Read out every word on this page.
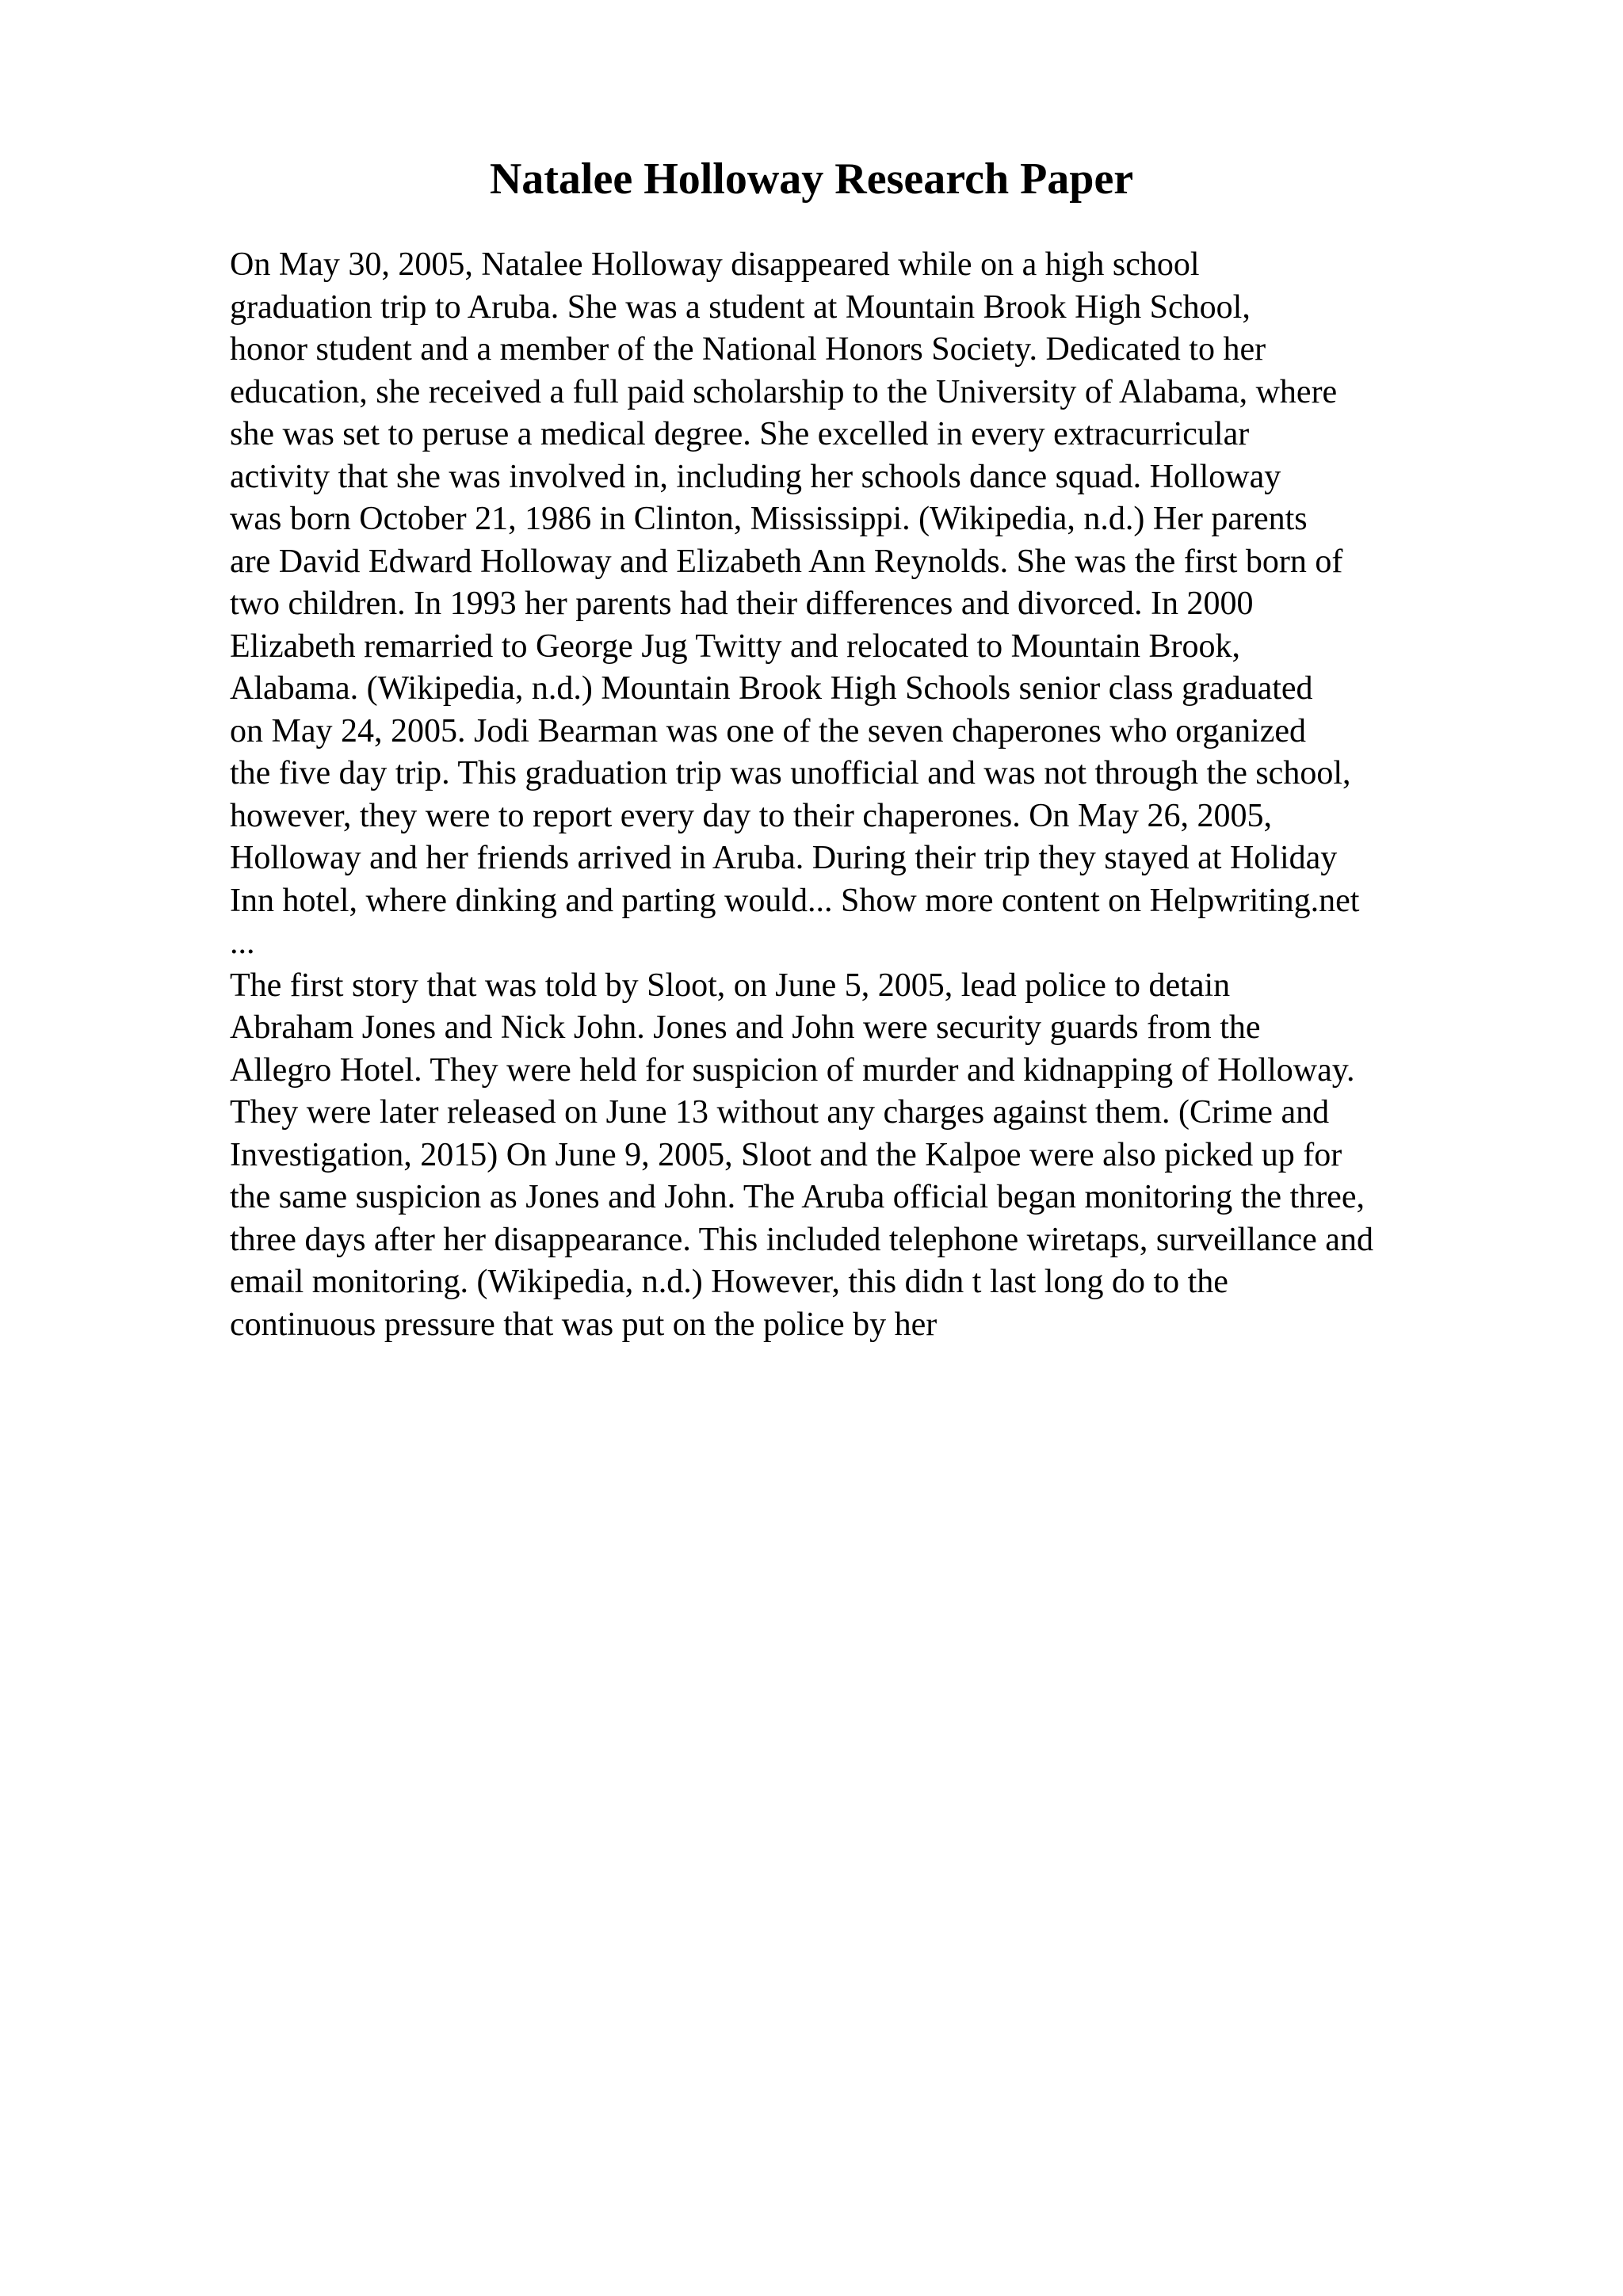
Natalee Holloway Research Paper
On May 30, 2005, Natalee Holloway disappeared while on a high school
graduation trip to Aruba. She was a student at Mountain Brook High School,
honor student and a member of the National Honors Society. Dedicated to her
education, she received a full paid scholarship to the University of Alabama, where
she was set to peruse a medical degree. She excelled in every extracurricular
activity that she was involved in, including her schools dance squad. Holloway
was born October 21, 1986 in Clinton, Mississippi. (Wikipedia, n.d.) Her parents
are David Edward Holloway and Elizabeth Ann Reynolds. She was the first born of
two children. In 1993 her parents had their differences and divorced. In 2000
Elizabeth remarried to George Jug Twitty and relocated to Mountain Brook,
Alabama. (Wikipedia, n.d.) Mountain Brook High Schools senior class graduated
on May 24, 2005. Jodi Bearman was one of the seven chaperones who organized
the five day trip. This graduation trip was unofficial and was not through the school,
however, they were to report every day to their chaperones. On May 26, 2005,
Holloway and her friends arrived in Aruba. During their trip they stayed at Holiday
Inn hotel, where dinking and parting would... Show more content on Helpwriting.net
...
The first story that was told by Sloot, on June 5, 2005, lead police to detain
Abraham Jones and Nick John. Jones and John were security guards from the
Allegro Hotel. They were held for suspicion of murder and kidnapping of Holloway.
They were later released on June 13 without any charges against them. (Crime and
Investigation, 2015) On June 9, 2005, Sloot and the Kalpoe were also picked up for
the same suspicion as Jones and John. The Aruba official began monitoring the three,
three days after her disappearance. This included telephone wiretaps, surveillance and
email monitoring. (Wikipedia, n.d.) However, this didn t last long do to the
continuous pressure that was put on the police by her
